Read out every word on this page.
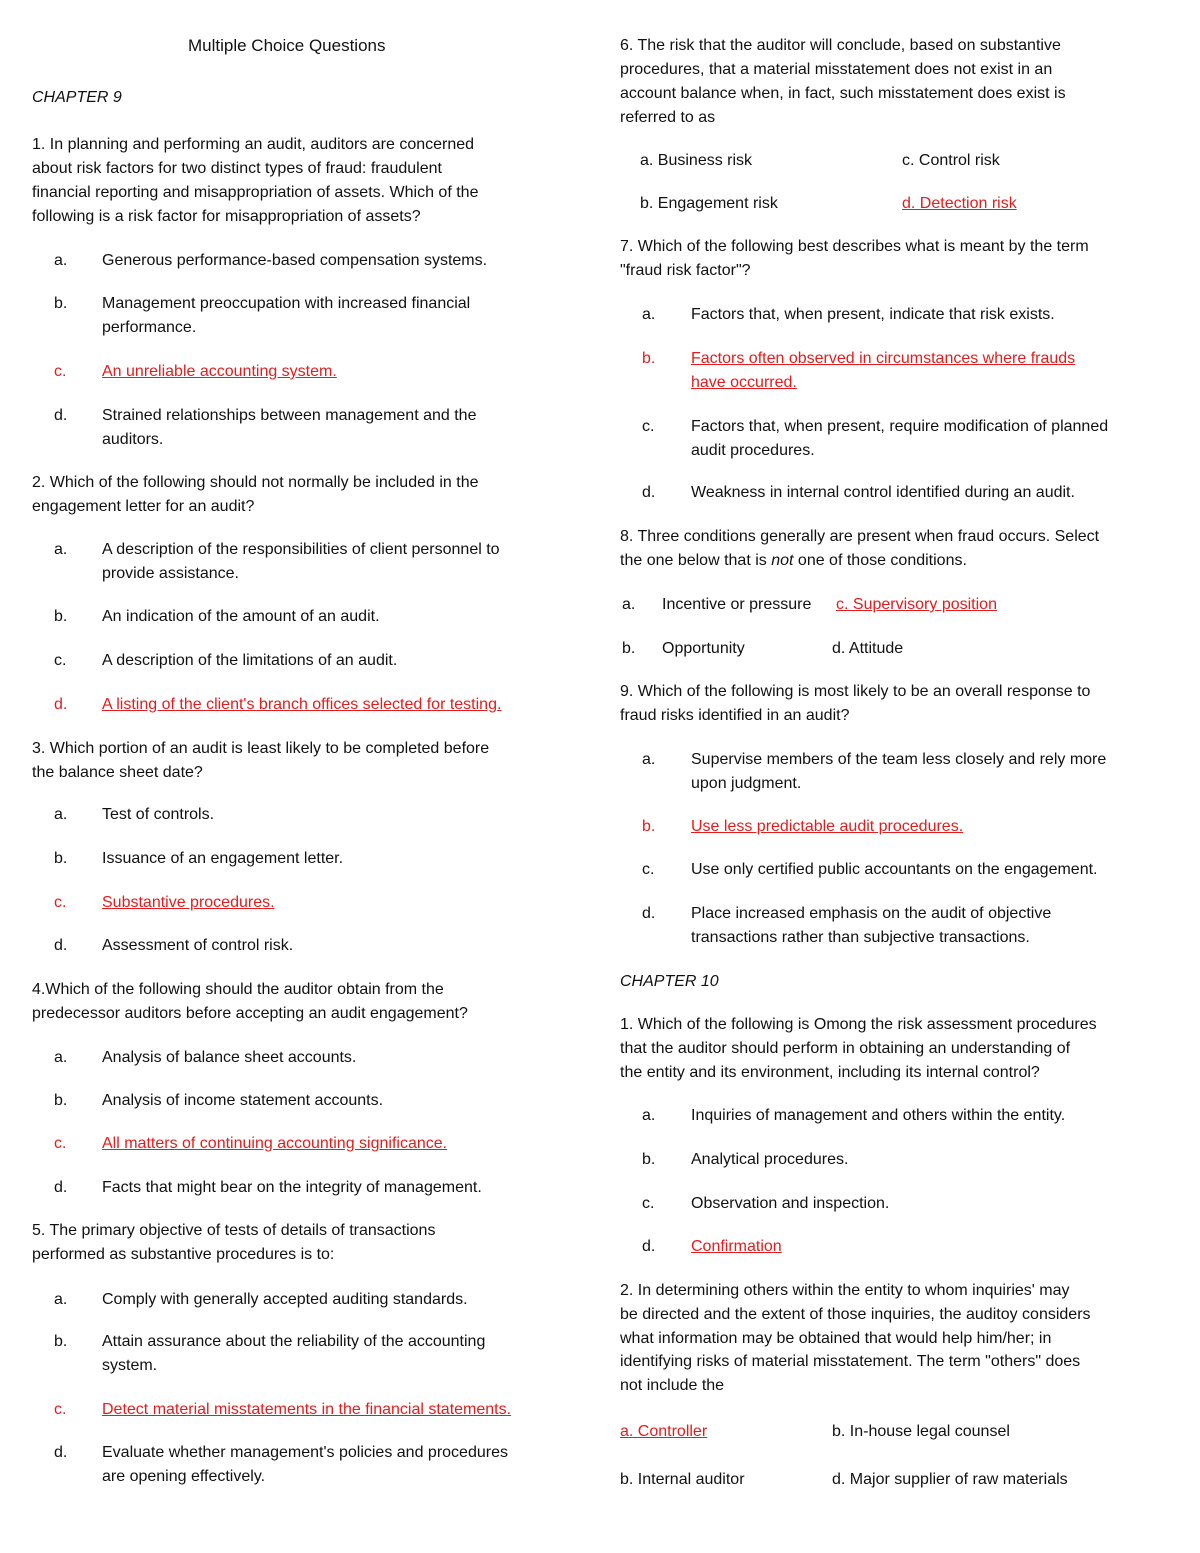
Multiple Choice Questions
CHAPTER 9
1. In planning and performing an audit, auditors are concerned
about risk factors for two distinct types of fraud: fraudulent
financial reporting and misappropriation of assets. Which of the
following is a risk factor for misappropriation of assets?
a. Generous performance-based compensation systems.
b. Management preoccupation with increased financial
performance.
c. An unreliable accounting system.
d. Strained relationships between management and the
auditors.
2. Which of the following should not normally be included in the
engagement letter for an audit?
a. A description of the responsibilities of client personnel to
provide assistance.
b. An indication of the amount of an audit.
c. A description of the limitations of an audit.
d. A listing of the client's branch offices selected for testing.
3. Which portion of an audit is least likely to be completed before
the balance sheet date?
a. Test of controls.
b. Issuance of an engagement letter.
c. Substantive procedures.
d. Assessment of control risk.
4.Which of the following should the auditor obtain from the
predecessor auditors before accepting an audit engagement?
a. Analysis of balance sheet accounts.
b. Analysis of income statement accounts.
c. All matters of continuing accounting significance.
d. Facts that might bear on the integrity of management.
5. The primary objective of tests of details of transactions
performed as substantive procedures is to:
a. Comply with generally accepted auditing standards.
b. Attain assurance about the reliability of the accounting
system.
c. Detect material misstatements in the financial statements.
d. Evaluate whether management's policies and procedures
are opening effectively.
6. The risk that the auditor will conclude, based on substantive
procedures, that a material misstatement does not exist in an
account balance when, in fact, such misstatement does exist is
referred to as
a. Business risk	c. Control risk
b. Engagement risk	d. Detection risk
7. Which of the following best describes what is meant by the term
"fraud risk factor"?
a. Factors that, when present, indicate that risk exists.
b. Factors often observed in circumstances where frauds
have occurred.
c. Factors that, when present, require modification of planned
audit procedures.
d. Weakness in internal control identified during an audit.
8. Three conditions generally are present when fraud occurs. Select
the one below that is not one of those conditions.
a. Incentive or pressure c. Supervisory position
b. Opportunity	d. Attitude
9. Which of the following is most likely to be an overall response to
fraud risks identified in an audit?
a. Supervise members of the team less closely and rely more
upon judgment.
b. Use less predictable audit procedures.
c. Use only certified public accountants on the engagement.
d. Place increased emphasis on the audit of objective
transactions rather than subjective transactions.
CHAPTER 10
1. Which of the following is Omong the risk assessment procedures
that the auditor should perform in obtaining an understanding of
the entity and its environment, including its internal control?
a. Inquiries of management and others within the entity.
b. Analytical procedures.
c. Observation and inspection.
d. Confirmation
2. In determining others within the entity to whom inquiries' may
be directed and the extent of those inquiries, the auditoy considers
what information may be obtained that would help him/her; in
identifying risks of material misstatement. The term "others" does
not include the
a. Controller	b. In-house legal counsel
b. Internal auditor	d. Major supplier of raw materials
